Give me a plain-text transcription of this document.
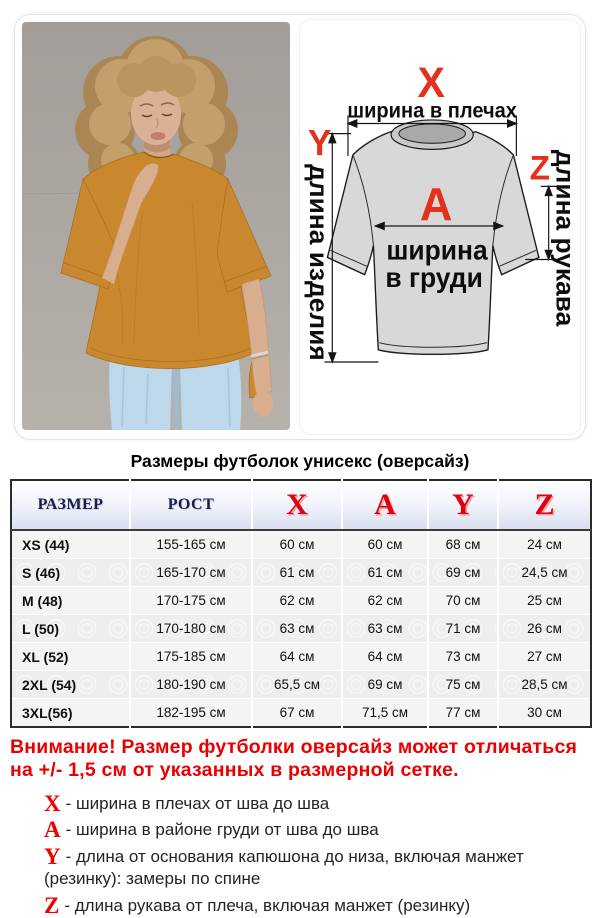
X
ширина в плечах
Y
длина изделия	Z длина рукава
A
ширина
в груди
Размеры футболок унисекс (оверсайз)
РАЗМЕР	РОСТ	X	A	Y	Z
XS (44)	155-165 см	60 см	60 см	68 см	24 см
S (46)	165-170 см	61 см	61 см	69 см	24,5 см
M (48)	170-175 см	62 см	62 см	70 см	25 см
L (50)	170-180 см	63 см	63 см	71 см	26 см
XL (52)	175-185 см	64 см	64 см	73 см	27 см
2XL (54)	180-190 см	65,5 см	69 см	75 см	28,5 см
3XL(56)	182-195 см	67 см	71,5 см	77 см	30 см

Внимание! Размер футболки оверсайз может отличаться на +/- 1,5 см от указанных в размерной сетке.

X - ширина в плечах от шва до шва
A - ширина в районе груди от шва до шва
Y - длина от основания капюшона до низа, включая манжет (резинку): замеры по спине
Z - длина рукава от плеча, включая манжет (резинку)
